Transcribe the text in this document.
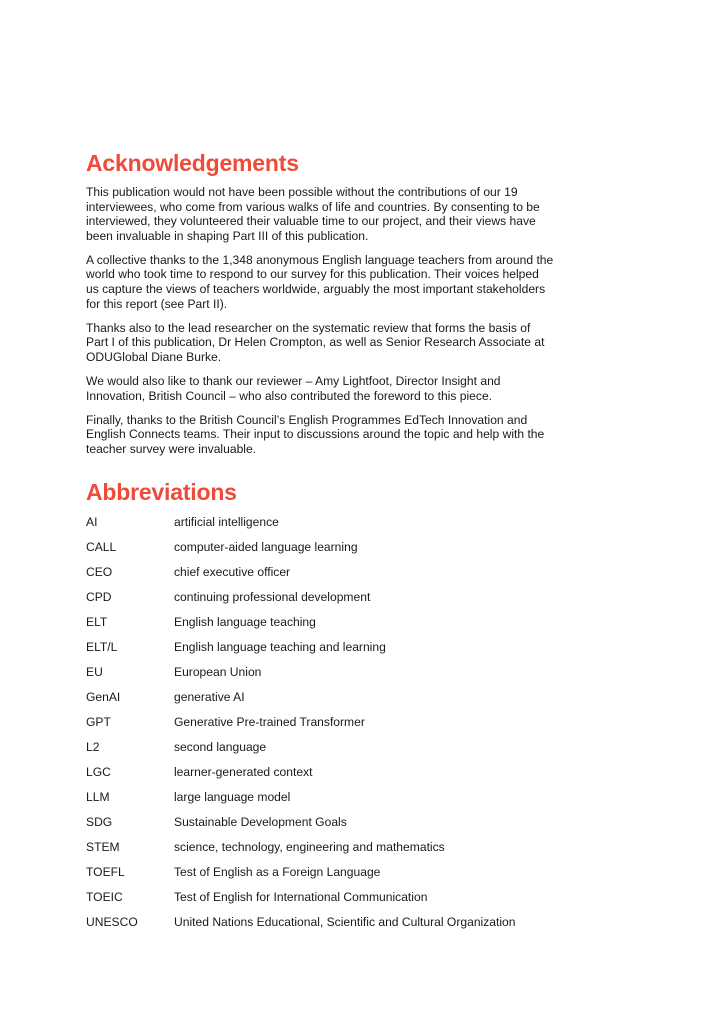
Acknowledgements

This publication would not have been possible without the contributions of our 19 interviewees, who come from various walks of life and countries. By consenting to be interviewed, they volunteered their valuable time to our project, and their views have been invaluable in shaping Part III of this publication.

A collective thanks to the 1,348 anonymous English language teachers from around the world who took time to respond to our survey for this publication. Their voices helped us capture the views of teachers worldwide, arguably the most important stakeholders for this report (see Part II).

Thanks also to the lead researcher on the systematic review that forms the basis of Part I of this publication, Dr Helen Crompton, as well as Senior Research Associate at ODUGlobal Diane Burke.

We would also like to thank our reviewer – Amy Lightfoot, Director Insight and Innovation, British Council – who also contributed the foreword to this piece.

Finally, thanks to the British Council’s English Programmes EdTech Innovation and English Connects teams. Their input to discussions around the topic and help with the teacher survey were invaluable.

Abbreviations
AI	artificial intelligence
CALL	computer-aided language learning
CEO	chief executive officer
CPD	continuing professional development
ELT	English language teaching
ELT/L	English language teaching and learning
EU	European Union
GenAI	generative AI
GPT	Generative Pre-trained Transformer
L2	second language
LGC	learner-generated context
LLM	large language model
SDG	Sustainable Development Goals
STEM	science, technology, engineering and mathematics
TOEFL	Test of English as a Foreign Language
TOEIC	Test of English for International Communication
UNESCO	United Nations Educational, Scientific and Cultural Organization
